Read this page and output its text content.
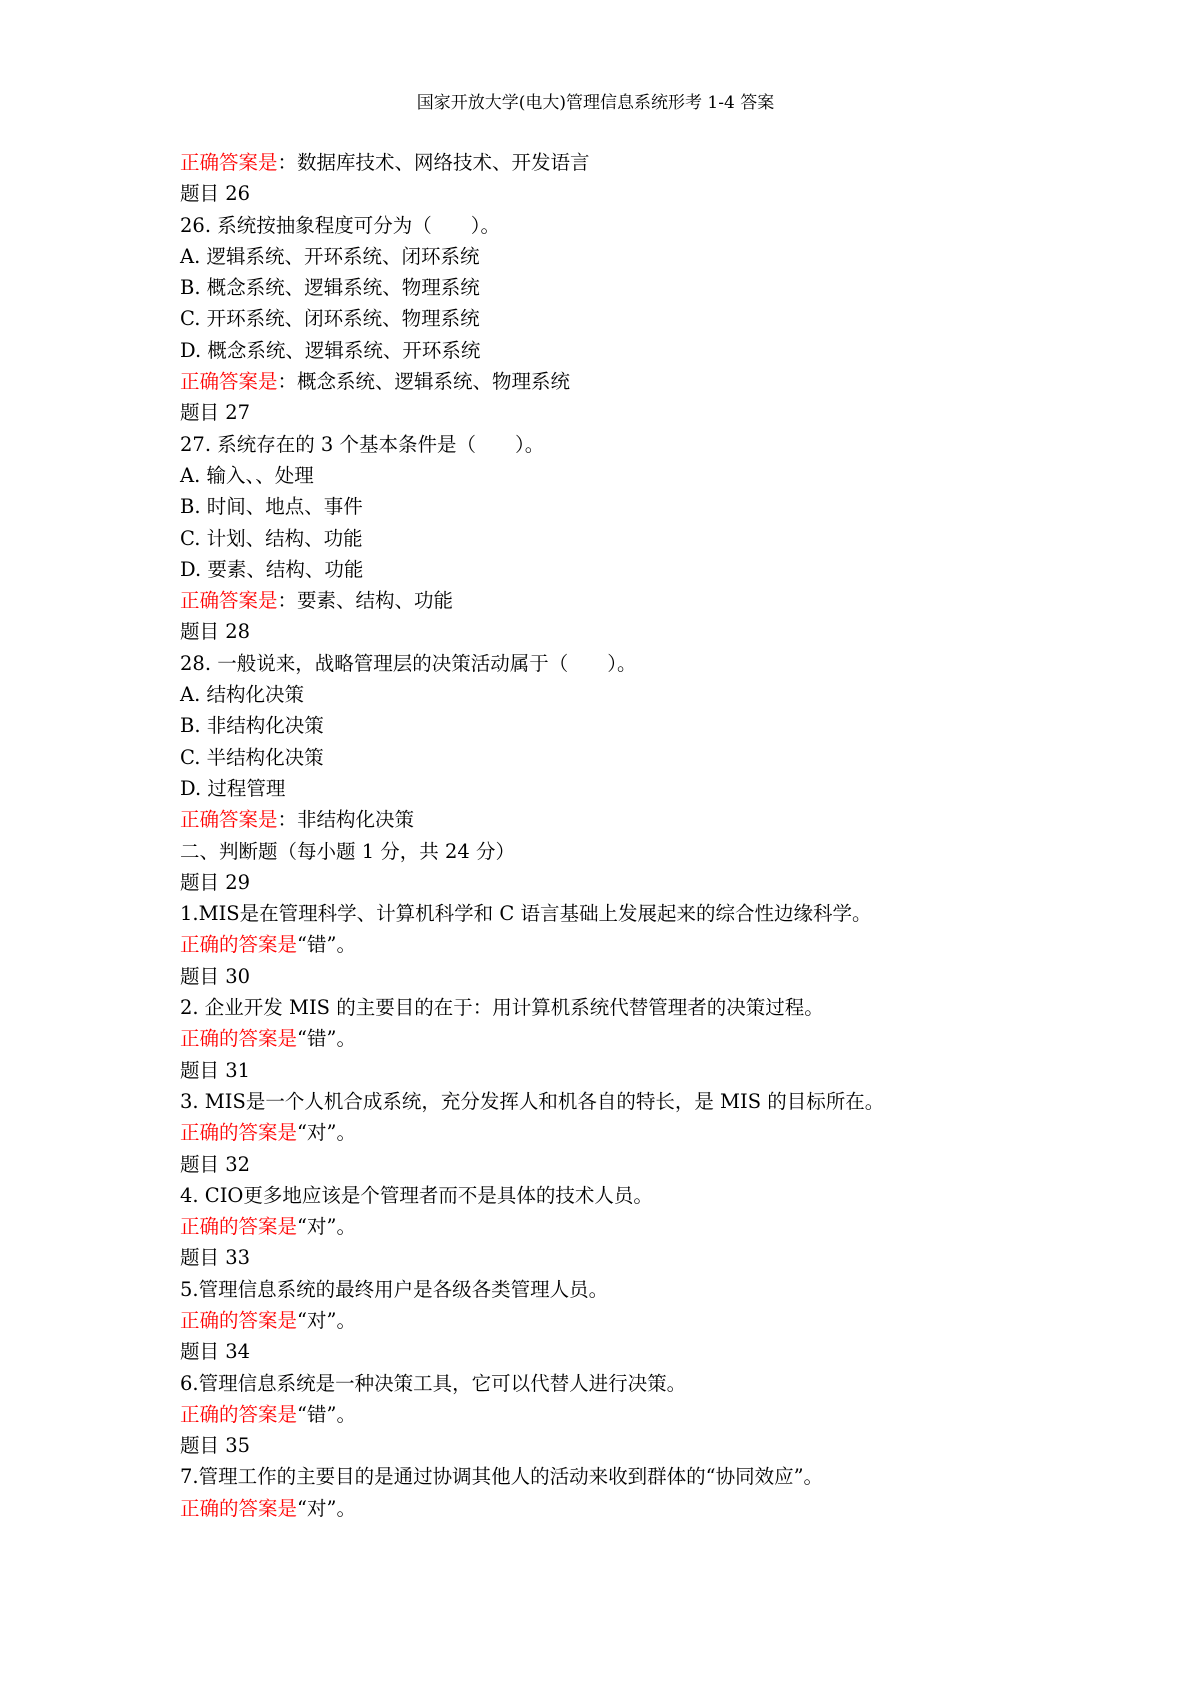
国家开放大学(电大)管理信息系统形考 1-4 答案
正确答案是：数据库技术、网络技术、开发语言
题目 26
26. 系统按抽象程度可分为（　　）。
A. 逻辑系统、开环系统、闭环系统
B. 概念系统、逻辑系统、物理系统
C. 开环系统、闭环系统、物理系统
D. 概念系统、逻辑系统、开环系统
正确答案是：概念系统、逻辑系统、物理系统
题目 27
27. 系统存在的 3 个基本条件是（　　）。
A. 输入、、处理
B. 时间、地点、事件
C. 计划、结构、功能
D. 要素、结构、功能
正确答案是：要素、结构、功能
题目 28
28. 一般说来，战略管理层的决策活动属于（　　）。
A. 结构化决策
B. 非结构化决策
C. 半结构化决策
D. 过程管理
正确答案是：非结构化决策
二、判断题（每小题 1 分，共 24 分）
题目 29
1.MIS是在管理科学、计算机科学和 C 语言基础上发展起来的综合性边缘科学。
正确的答案是“错”。
题目 30
2. 企业开发 MIS 的主要目的在于：用计算机系统代替管理者的决策过程。
正确的答案是“错”。
题目 31
3. MIS是一个人机合成系统，充分发挥人和机各自的特长，是 MIS 的目标所在。
正确的答案是“对”。
题目 32
4. CIO更多地应该是个管理者而不是具体的技术人员。
正确的答案是“对”。
题目 33
5.管理信息系统的最终用户是各级各类管理人员。
正确的答案是“对”。
题目 34
6.管理信息系统是一种决策工具，它可以代替人进行决策。
正确的答案是“错”。
题目 35
7.管理工作的主要目的是通过协调其他人的活动来收到群体的“协同效应”。
正确的答案是“对”。
